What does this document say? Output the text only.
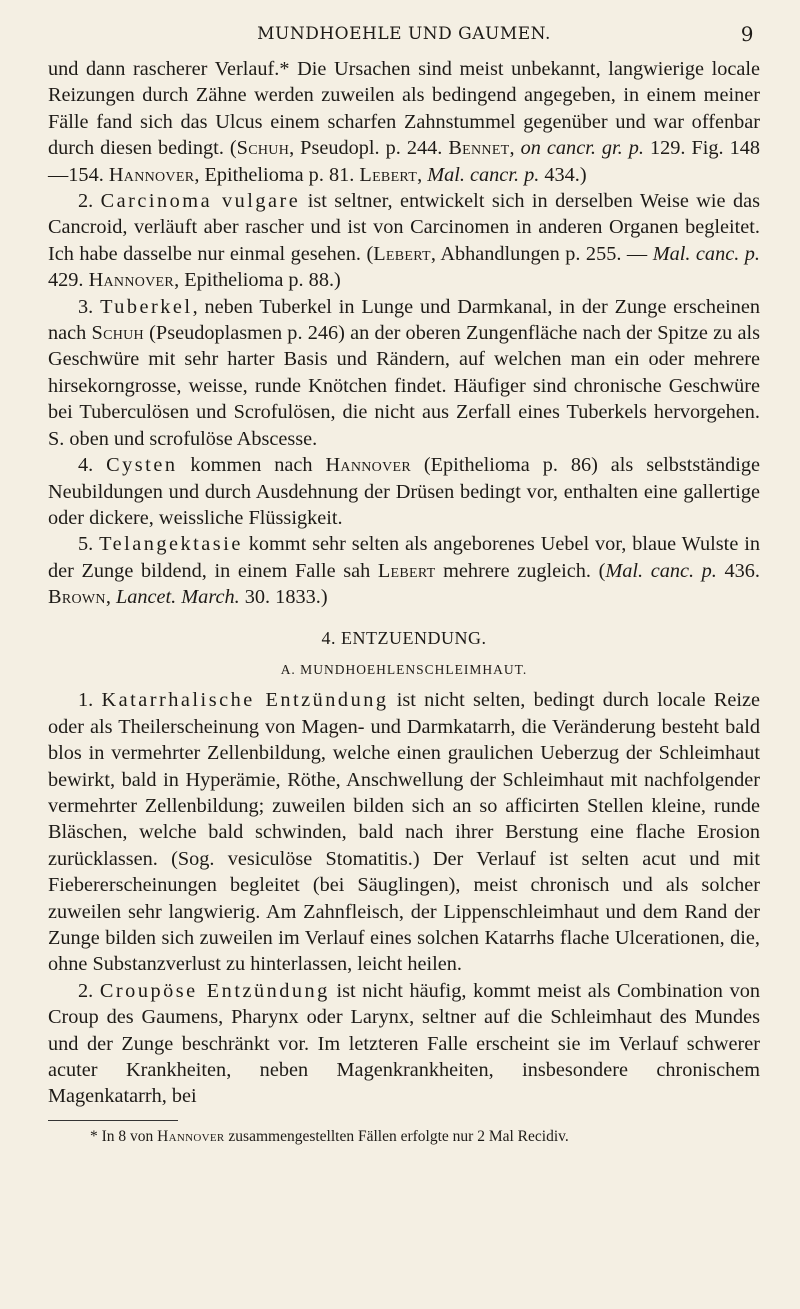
MUNDHOEHLE UND GAUMEN.	9

und dann rascherer Verlauf.* Die Ursachen sind meist unbekannt, langwierige locale Reizungen durch Zähne werden zuweilen als bedingend angegeben, in einem meiner Fälle fand sich das Ulcus einem scharfen Zahnstummel gegenüber und war offenbar durch diesen bedingt. (Schuh, Pseudopl. p. 244. Bennet, on cancr. gr. p. 129. Fig. 148—154. Hannover, Epithelioma p. 81. Lebert, Mal. cancr. p. 434.)

2. Carcinoma vulgare ist seltner, entwickelt sich in derselben Weise wie das Cancroid, verläuft aber rascher und ist von Carcinomen in anderen Organen begleitet. Ich habe dasselbe nur einmal gesehen. (Lebert, Abhandlungen p. 255. — Mal. canc. p. 429. Hannover, Epithelioma p. 88.)

3. Tuberkel, neben Tuberkel in Lunge und Darmkanal, in der Zunge erscheinen nach Schuh (Pseudoplasmen p. 246) an der oberen Zungenfläche nach der Spitze zu als Geschwüre mit sehr harter Basis und Rändern, auf welchen man ein oder mehrere hirsekorngrosse, weisse, runde Knötchen findet. Häufiger sind chronische Geschwüre bei Tuberculösen und Scrofulösen, die nicht aus Zerfall eines Tuberkels hervorgehen. S. oben und scrofulöse Abscesse.

4. Cysten kommen nach Hannover (Epithelioma p. 86) als selbstständige Neubildungen und durch Ausdehnung der Drüsen bedingt vor, enthalten eine gallertige oder dickere, weissliche Flüssigkeit.

5. Telangektasie kommt sehr selten als angeborenes Uebel vor, blaue Wulste in der Zunge bildend, in einem Falle sah Lebert mehrere zugleich. (Mal. canc. p. 436. Brown, Lancet. March. 30. 1833.)

4. ENTZUENDUNG.
A. MUNDHOEHLENSCHLEIMHAUT.

1. Katarrhalische Entzündung ist nicht selten, bedingt durch locale Reize oder als Theilerscheinung von Magen- und Darmkatarrh, die Veränderung besteht bald blos in vermehrter Zellenbildung, welche einen graulichen Ueberzug der Schleimhaut bewirkt, bald in Hyperämie, Röthe, Anschwellung der Schleimhaut mit nachfolgender vermehrter Zellenbildung; zuweilen bilden sich an so afficirten Stellen kleine, runde Bläschen, welche bald schwinden, bald nach ihrer Berstung eine flache Erosion zurücklassen. (Sog. vesiculöse Stomatitis.) Der Verlauf ist selten acut und mit Fiebererscheinungen begleitet (bei Säuglingen), meist chronisch und als solcher zuweilen sehr langwierig. Am Zahnfleisch, der Lippenschleimhaut und dem Rand der Zunge bilden sich zuweilen im Verlauf eines solchen Katarrhs flache Ulcerationen, die, ohne Substanzverlust zu hinterlassen, leicht heilen.

2. Croupöse Entzündung ist nicht häufig, kommt meist als Combination von Croup des Gaumens, Pharynx oder Larynx, seltner auf die Schleimhaut des Mundes und der Zunge beschränkt vor. Im letzteren Falle erscheint sie im Verlauf schwerer acuter Krankheiten, neben Magenkrankheiten, insbesondere chronischem Magenkatarrh, bei

* In 8 von Hannover zusammengestellten Fällen erfolgte nur 2 Mal Recidiv.
